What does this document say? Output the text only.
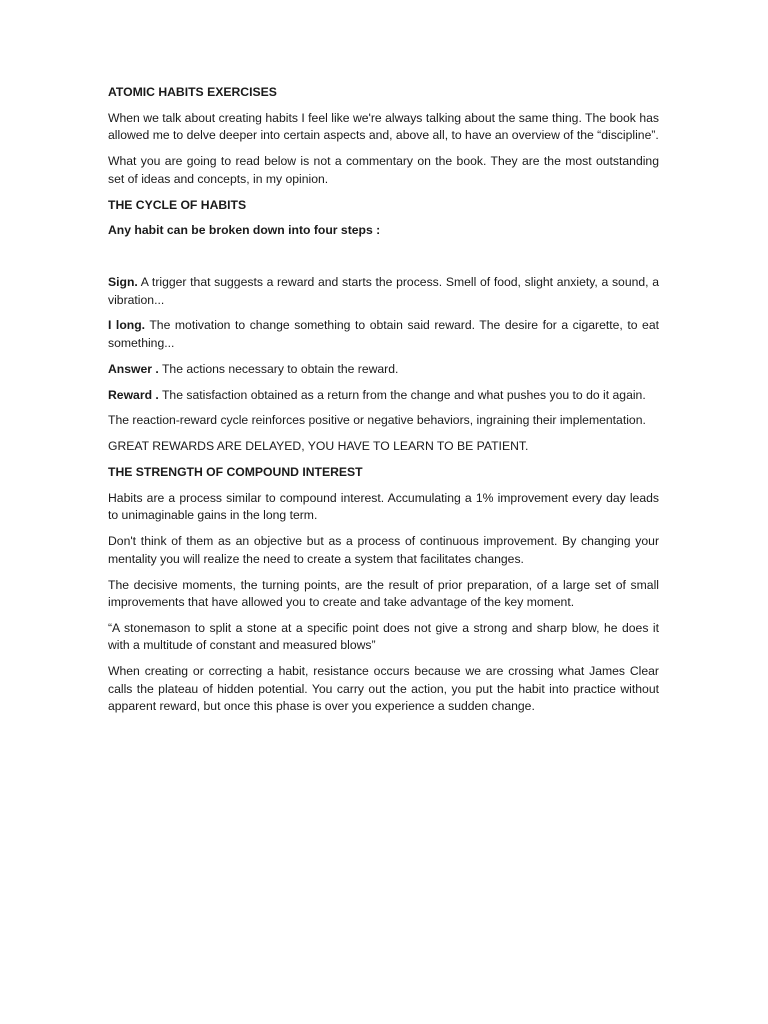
ATOMIC HABITS EXERCISES

When we talk about creating habits I feel like we're always talking about the same thing. The book has allowed me to delve deeper into certain aspects and, above all, to have an overview of the “discipline”.

What you are going to read below is not a commentary on the book. They are the most outstanding set of ideas and concepts, in my opinion.

THE CYCLE OF HABITS

Any habit can be broken down into four steps :

Sign. A trigger that suggests a reward and starts the process. Smell of food, slight anxiety, a sound, a vibration...

I long. The motivation to change something to obtain said reward. The desire for a cigarette, to eat something...

Answer . The actions necessary to obtain the reward.

Reward . The satisfaction obtained as a return from the change and what pushes you to do it again.

The reaction-reward cycle reinforces positive or negative behaviors, ingraining their implementation.

GREAT REWARDS ARE DELAYED, YOU HAVE TO LEARN TO BE PATIENT.

THE STRENGTH OF COMPOUND INTEREST

Habits are a process similar to compound interest. Accumulating a 1% improvement every day leads to unimaginable gains in the long term.

Don't think of them as an objective but as a process of continuous improvement. By changing your mentality you will realize the need to create a system that facilitates changes.

The decisive moments, the turning points, are the result of prior preparation, of a large set of small improvements that have allowed you to create and take advantage of the key moment.

“A stonemason to split a stone at a specific point does not give a strong and sharp blow, he does it with a multitude of constant and measured blows”

When creating or correcting a habit, resistance occurs because we are crossing what James Clear calls the plateau of hidden potential. You carry out the action, you put the habit into practice without apparent reward, but once this phase is over you experience a sudden change.
